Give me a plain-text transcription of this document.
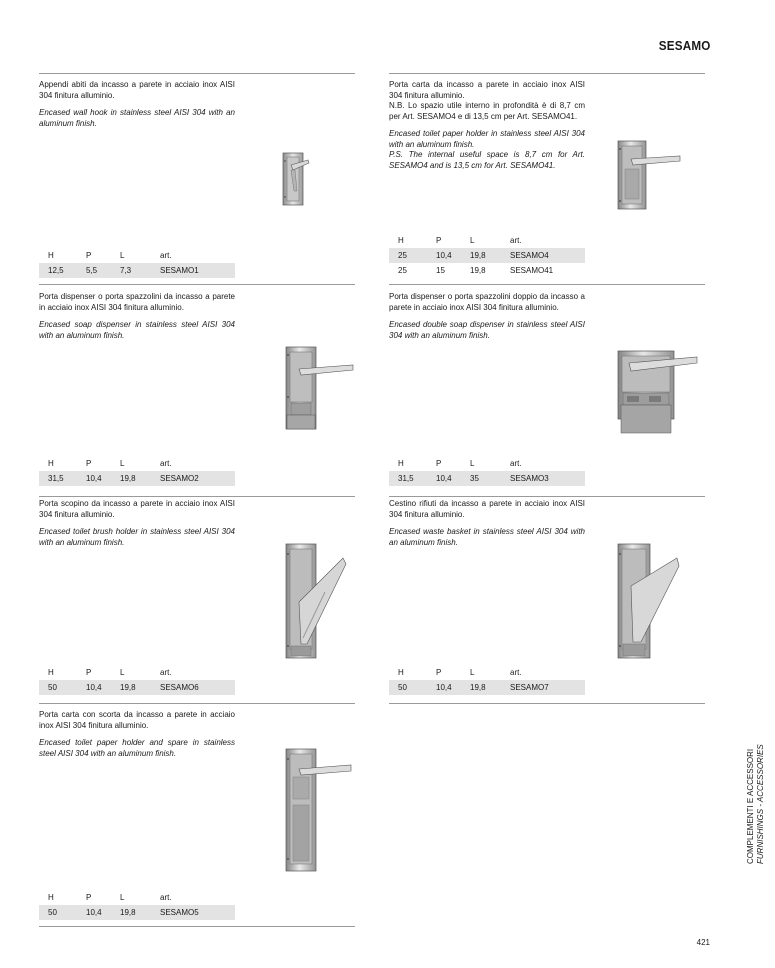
SESAMO

Appendi abiti da incasso a parete in acciaio inox AISI 304 finitura alluminio.

Encased wall hook in stainless steel AISI 304 with an aluminum finish.

H	P	L	art.
12,5	5,5	7,3	SESAMO1

Porta carta da incasso a parete in acciaio inox AISI 304 finitura alluminio.
N.B. Lo spazio utile interno in profondità è di 8,7 cm per Art. SESAMO4 e di 13,5 cm per Art. SESAMO41.

Encased toilet paper holder in stainless steel AISI 304 with an aluminum finish.
P.S. The internal useful space is 8,7 cm for Art. SESAMO4 and is 13,5 cm for Art. SESAMO41.

H	P	L	art.
25	10,4	19,8	SESAMO4
25	15	19,8	SESAMO41

Porta dispenser o porta spazzolini da incasso a parete in acciaio inox AISI 304 finitura alluminio.

Encased soap dispenser in stainless steel AISI 304 with an aluminum finish.

H	P	L	art.
31,5	10,4	19,8	SESAMO2

Porta dispenser o porta spazzolini doppio da incasso a parete in acciaio inox AISI 304 finitura alluminio.

Encased double soap dispenser in stainless steel AISI 304 with an aluminum finish.

H	P	L	art.
31,5	10,4	35	SESAMO3

Porta scopino da incasso a parete in acciaio inox AISI 304 finitura alluminio.

Encased toilet brush holder in stainless steel AISI 304 with an aluminum finish.

H	P	L	art.
50	10,4	19,8	SESAMO6

Cestino rifiuti da incasso a parete in acciaio inox AISI 304 finitura alluminio.

Encased waste basket in stainless steel AISI 304 with an aluminum finish.

H	P	L	art.
50	10,4	19,8	SESAMO7

Porta carta con scorta da incasso a parete in acciaio inox AISI 304 finitura alluminio.

Encased toilet paper holder and spare in stainless steel AISI 304 with an aluminum finish.

H	P	L	art.
50	10,4	19,8	SESAMO5
COMPLEMENTI E ACCESSORI FURNISHINGS - ACCESSORIES
421
